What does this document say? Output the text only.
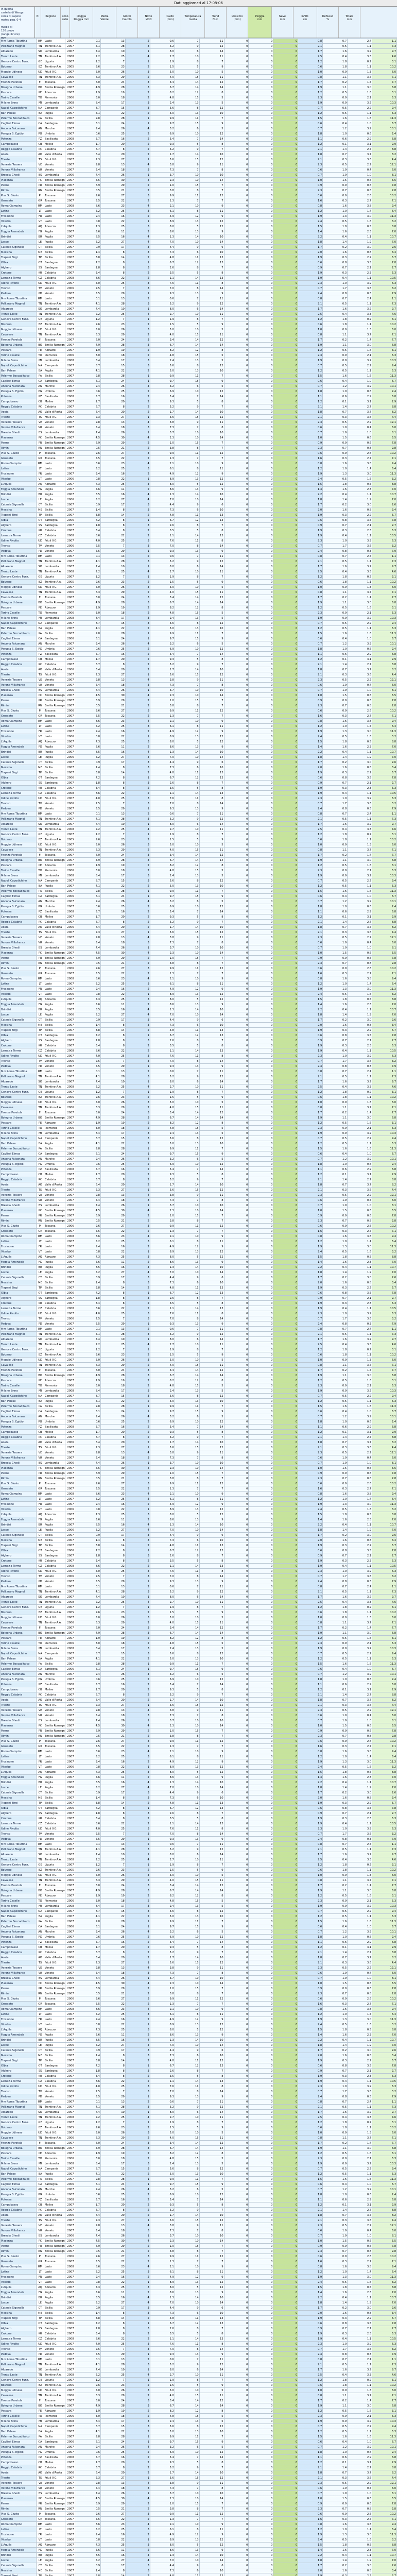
Dati aggiornati al 17-08-06
in questa
cartella di Wenga
cerca di sapere
meteo pag. 0-4

medie di
150 prove
(range 37 ore)
mm
N.	Regione	anno
sulle
Pioggia
Pioggia mm
Media
Valore
Giorni
Calcolo
Notte
MOD
Caldo
(mm)
Temperatura
media
Trend
Nuv.
Massimo
(mm)
Pioggia
mm
Neve
mm
Infiltr.
cm
Deflusso
%
Totale
mm
Mm Roma Tiburtina	RM	Lazio	2007	0.1	13	2	0.6	7	11	0	0	0	0.8	0.7	2.4	1.1
Pellizzano Magnoli	TN	Trentino A.A.	2007	4.1	28	3	5.2	9	12	0	0	0	2.1	0.5	1.1	7.3
Albaredo	SO	Lombardia	2007	7.4	10	1	8.0	6	14	0	0	0	1.7	1.6	3.2	9.7
Trento Laste	TN	Trentino A.A.	2008	2.2	25	4	2.7	10	11	0	0	0	2.5	0.4	3.3	4.6
Genova Centro Funz.	GE	Liguria	2007	1.2	7	1	1.9	8	7	0	0	0	1.2	1.8	0.2	3.1
Bolzano	BZ	Trentino A.A.	2005	9.6	23	2	1.5	5	9	0	0	0	0.6	1.8	1.1	10.2
Moggio Udinese	UD	Friuli V.G.	2007	5.0	26	3	5.0	10	5	0	0	0	1.0	0.9	1.3	6.0
Cavalese	TN	Trentino A.A.	2006	6.3	29	2	4.0	15	11	0	0	0	0.8	1.1	3.7	7.1
Firenze Peretola	FI	Toscana	2007	6.0	24	3	3.4	14	12	0	0	0	1.7	0.2	1.4	7.7
Bologna Urbana	BO	Emilia Romagna	2007	4.9	28	3	6.7	14	14	0	0	0	1.9	1.1	3.0	6.8
Pescara	PE	Abruzzo	2007	1.9	19	2	8.2	12	8	0	0	0	1.2	0.5	1.6	3.1
Torino Caselle	TO	Piemonte	2006	3.0	18	2	4.8	15	5	0	0	0	2.3	0.9	2.1	5.3
Milano Brera	MI	Lombardia	2008	8.4	17	3	2.4	13	5	0	0	0	1.9	0.9	3.2	10.3
Napoli Capodichino	NA	Campania	2007	8.7	15	3	5.6	8	12	0	0	0	0.7	0.5	2.2	9.4
Bari Palese	BA	Puglia	2007	4.1	22	2	5.0	13	10	0	0	0	1.2	0.5	1.1	5.3
Palermo Boccadifalco	PA	Sicilia	2007	9.8	28	1	9.9	11	7	0	0	0	1.5	1.6	1.6	11.3
Cagliari Elmas	CA	Sardegna	2006	6.1	24	1	9.7	15	9	0	0	0	0.6	0.4	1.0	6.7
Ancona Falconara	AN	Marche	2007	9.4	26	4	3.2	6	5	0	0	0	0.7	1.2	3.9	10.1
Perugia S. Egidio	PG	Umbria	2007	0.6	25	2	6.9	10	12	0	0	0	1.8	1.0	0.6	2.4
Potenza	PZ	Basilicata	2008	5.7	16	2	5.4	7	14	0	0	0	1.1	0.6	2.9	6.8
Campobasso	CB	Molise	2007	1.7	20	2	9.3	5	8	0	0	0	1.2	0.1	3.1	2.9
Reggio Calabria	RC	Calabria	2007	6.7	8	2	5.2	9	7	0	0	0	2.1	1.4	2.7	8.8
Aosta	AO	Valle d'Aosta	2006	6.4	20	2	1.7	14	10	0	0	0	1.8	0.7	3.7	8.2
Trieste	TS	Friuli V.G.	2007	2.3	27	1	5.6	15	12	0	0	0	2.1	0.3	3.6	4.4
Venezia Tessera	VE	Veneto	2007	9.8	13	4	3.8	9	11	0	0	0	2.3	0.5	2.2	12.1
Verona Villafranca	VR	Veneto	2007	5.4	18	3	7.3	7	8	0	0	0	0.6	1.9	0.4	6.0
Brescia Ghedi	BS	Lombardia	2006	7.4	26	1	3.7	10	10	0	0	0	0.7	1.9	1.0	8.1
Piacenza	PC	Emilia Romagna	2007	4.5	30	4	2.3	10	14	0	0	0	1.0	1.5	0.6	5.5
Parma	PR	Emilia Romagna	2007	6.9	29	2	1.0	15	7	0	0	0	0.9	0.9	0.6	7.8
Rimini	RN	Emilia Romagna	2007	0.5	21	2	3.8	8	7	0	0	0	2.3	0.7	0.8	2.8
Pisa S. Giusto	PI	Toscana	2006	9.6	27	3	9.9	11	12	0	0	0	0.6	0.9	2.6	10.2
Grosseto	GR	Toscana	2007	5.5	22	2	1.3	7	7	0	0	0	1.6	0.3	2.7	7.1
Roma Ciampino	RM	Lazio	2008	8.6	23	4	2.1	10	9	0	0	0	0.8	1.6	3.8	9.4
Latina	LT	Lazio	2007	5.2	25	3	6.1	8	11	0	0	0	1.2	1.0	1.4	6.4
Frosinone	FR	Lazio	2007	9.4	16	2	4.9	12	9	0	0	0	1.9	1.3	3.0	11.3
Viterbo	VT	Lazio	2006	0.8	22	1	8.9	13	12	0	0	0	2.4	0.5	1.6	3.2
L'Aquila	AQ	Abruzzo	2007	7.3	25	3	8.0	5	12	0	0	0	1.5	1.8	0.5	8.8
Foggia Amendola	FG	Puglia	2007	5.6	11	2	8.6	13	9	0	0	0	1.4	1.6	2.3	7.0
Brindisi	BR	Puglia	2007	8.5	16	4	1.3	14	10	0	0	0	2.2	0.4	1.1	10.7
Lecce	LE	Puglia	2006	5.2	27	4	7.0	10	14	0	0	0	1.8	1.4	1.9	7.0
Catania Sigonella	CT	Sicilia	2007	0.9	17	3	4.4	9	6	0	0	0	1.7	0.2	3.0	2.6
Messina	ME	Sicilia	2007	1.4	8	3	7.3	6	10	0	0	0	2.0	1.6	0.8	3.4
Trapani Birgi	TP	Sicilia	2007	3.8	14	2	4.8	11	13	0	0	0	1.9	0.3	2.2	5.7
Olbia	OT	Sardegna	2006	7.2	8	1	6.7	12	13	0	0	0	0.6	0.8	3.5	7.8
Alghero	SS	Sardegna	2007	1.8	8	3	2.6	8	7	0	0	0	0.9	0.7	2.1	2.7
Crotone	KR	Calabria	2007	3.4	8	2	3.5	5	8	0	0	0	1.9	0.3	2.3	5.3
Lamezia Terme	CZ	Calabria	2008	8.6	22	2	1.1	14	13	0	0	0	1.9	0.4	1.1	10.5
Udine Rivolto	UD	Friuli V.G.	2007	4.0	25	3	7.6	11	8	0	0	0	2.3	1.0	3.9	6.3
Treviso	TV	Veneto	2006	2.5	7	3	7.0	8	14	0	0	0	0.7	1.7	3.6	3.2
Padova	PD	Veneto	2007	5.5	29	1	9.3	13	9	0	0	0	2.4	0.8	0.3	7.9
Mm Roma Tiburtina	RM	Lazio	2007	0.1	13	2	0.6	7	11	0	0	0	0.8	0.7	2.4	1.1
Pellizzano Magnoli	TN	Trentino A.A.	2007	4.1	28	3	5.2	9	12	0	0	0	2.1	0.5	1.1	7.3
Albaredo	SO	Lombardia	2007	7.4	10	1	8.0	6	14	0	0	0	1.7	1.6	3.2	9.7
Trento Laste	TN	Trentino A.A.	2008	2.2	25	4	2.7	10	11	0	0	0	2.5	0.4	3.3	4.6
Genova Centro Funz.	GE	Liguria	2007	1.2	7	1	1.9	8	7	0	0	0	1.2	1.8	0.2	3.1
Bolzano	BZ	Trentino A.A.	2005	9.6	23	2	1.5	5	9	0	0	0	0.6	1.8	1.1	10.2
Moggio Udinese	UD	Friuli V.G.	2007	5.0	26	3	5.0	10	5	0	0	0	1.0	0.9	1.3	6.0
Cavalese	TN	Trentino A.A.	2006	6.3	29	2	4.0	15	11	0	0	0	0.8	1.1	3.7	7.1
Firenze Peretola	FI	Toscana	2007	6.0	24	3	3.4	14	12	0	0	0	1.7	0.2	1.4	7.7
Bologna Urbana	BO	Emilia Romagna	2007	4.9	28	3	6.7	14	14	0	0	0	1.9	1.1	3.0	6.8
Pescara	PE	Abruzzo	2007	1.9	19	2	8.2	12	8	0	0	0	1.2	0.5	1.6	3.1
Torino Caselle	TO	Piemonte	2006	3.0	18	2	4.8	15	5	0	0	0	2.3	0.9	2.1	5.3
Milano Brera	MI	Lombardia	2008	8.4	17	3	2.4	13	5	0	0	0	1.9	0.9	3.2	10.3
Napoli Capodichino	NA	Campania	2007	8.7	15	3	5.6	8	12	0	0	0	0.7	0.5	2.2	9.4
Bari Palese	BA	Puglia	2007	4.1	22	2	5.0	13	10	0	0	0	1.2	0.5	1.1	5.3
Palermo Boccadifalco	PA	Sicilia	2007	9.8	28	1	9.9	11	7	0	0	0	1.5	1.6	1.6	11.3
Cagliari Elmas	CA	Sardegna	2006	6.1	24	1	9.7	15	9	0	0	0	0.6	0.4	1.0	6.7
Ancona Falconara	AN	Marche	2007	9.4	26	4	3.2	6	5	0	0	0	0.7	1.2	3.9	10.1
Perugia S. Egidio	PG	Umbria	2007	0.6	25	2	6.9	10	12	0	0	0	1.8	1.0	0.6	2.4
Potenza	PZ	Basilicata	2008	5.7	16	2	5.4	7	14	0	0	0	1.1	0.6	2.9	6.8
Campobasso	CB	Molise	2007	1.7	20	2	9.3	5	8	0	0	0	1.2	0.1	3.1	2.9
Reggio Calabria	RC	Calabria	2007	6.7	8	2	5.2	9	7	0	0	0	2.1	1.4	2.7	8.8
Aosta	AO	Valle d'Aosta	2006	6.4	20	2	1.7	14	10	0	0	0	1.8	0.7	3.7	8.2
Trieste	TS	Friuli V.G.	2007	2.3	27	1	5.6	15	12	0	0	0	2.1	0.3	3.6	4.4
Venezia Tessera	VE	Veneto	2007	9.8	13	4	3.8	9	11	0	0	0	2.3	0.5	2.2	12.1
Verona Villafranca	VR	Veneto	2007	5.4	18	3	7.3	7	8	0	0	0	0.6	1.9	0.4	6.0
Brescia Ghedi	BS	Lombardia	2006	7.4	26	1	3.7	10	10	0	0	0	0.7	1.9	1.0	8.1
Piacenza	PC	Emilia Romagna	2007	4.5	30	4	2.3	10	14	0	0	0	1.0	1.5	0.6	5.5
Parma	PR	Emilia Romagna	2007	6.9	29	2	1.0	15	7	0	0	0	0.9	0.9	0.6	7.8
Rimini	RN	Emilia Romagna	2007	0.5	21	2	3.8	8	7	0	0	0	2.3	0.7	0.8	2.8
Pisa S. Giusto	PI	Toscana	2006	9.6	27	3	9.9	11	12	0	0	0	0.6	0.9	2.6	10.2
Grosseto	GR	Toscana	2007	5.5	22	2	1.3	7	7	0	0	0	1.6	0.3	2.7	7.1
Roma Ciampino	RM	Lazio	2008	8.6	23	4	2.1	10	9	0	0	0	0.8	1.6	3.8	9.4
Latina	LT	Lazio	2007	5.2	25	3	6.1	8	11	0	0	0	1.2	1.0	1.4	6.4
Frosinone	FR	Lazio	2007	9.4	16	2	4.9	12	9	0	0	0	1.9	1.3	3.0	11.3
Viterbo	VT	Lazio	2006	0.8	22	1	8.9	13	12	0	0	0	2.4	0.5	1.6	3.2
L'Aquila	AQ	Abruzzo	2007	7.3	25	3	8.0	5	12	0	0	0	1.5	1.8	0.5	8.8
Foggia Amendola	FG	Puglia	2007	5.6	11	2	8.6	13	9	0	0	0	1.4	1.6	2.3	7.0
Brindisi	BR	Puglia	2007	8.5	16	4	1.3	14	10	0	0	0	2.2	0.4	1.1	10.7
Lecce	LE	Puglia	2006	5.2	27	4	7.0	10	14	0	0	0	1.8	1.4	1.9	7.0
Catania Sigonella	CT	Sicilia	2007	0.9	17	3	4.4	9	6	0	0	0	1.7	0.2	3.0	2.6
Messina	ME	Sicilia	2007	1.4	8	3	7.3	6	10	0	0	0	2.0	1.6	0.8	3.4
Trapani Birgi	TP	Sicilia	2007	3.8	14	2	4.8	11	13	0	0	0	1.9	0.3	2.2	5.7
Olbia	OT	Sardegna	2006	7.2	8	1	6.7	12	13	0	0	0	0.6	0.8	3.5	7.8
Alghero	SS	Sardegna	2007	1.8	8	3	2.6	8	7	0	0	0	0.9	0.7	2.1	2.7
Crotone	KR	Calabria	2007	3.4	8	2	3.5	5	8	0	0	0	1.9	0.3	2.3	5.3
Lamezia Terme	CZ	Calabria	2008	8.6	22	2	1.1	14	13	0	0	0	1.9	0.4	1.1	10.5
Udine Rivolto	UD	Friuli V.G.	2007	4.0	25	3	7.6	11	8	0	0	0	2.3	1.0	3.9	6.3
Treviso	TV	Veneto	2006	2.5	7	3	7.0	8	14	0	0	0	0.7	1.7	3.6	3.2
Padova	PD	Veneto	2007	5.5	29	1	9.3	13	9	0	0	0	2.4	0.8	0.3	7.9
Mm Roma Tiburtina	RM	Lazio	2007	0.1	13	2	0.6	7	11	0	0	0	0.8	0.7	2.4	1.1
Pellizzano Magnoli	TN	Trentino A.A.	2007	4.1	28	3	5.2	9	12	0	0	0	2.1	0.5	1.1	7.3
Albaredo	SO	Lombardia	2007	7.4	10	1	8.0	6	14	0	0	0	1.7	1.6	3.2	9.7
Trento Laste	TN	Trentino A.A.	2008	2.2	25	4	2.7	10	11	0	0	0	2.5	0.4	3.3	4.6
Genova Centro Funz.	GE	Liguria	2007	1.2	7	1	1.9	8	7	0	0	0	1.2	1.8	0.2	3.1
Bolzano	BZ	Trentino A.A.	2005	9.6	23	2	1.5	5	9	0	0	0	0.6	1.8	1.1	10.2
Moggio Udinese	UD	Friuli V.G.	2007	5.0	26	3	5.0	10	5	0	0	0	1.0	0.9	1.3	6.0
Cavalese	TN	Trentino A.A.	2006	6.3	29	2	4.0	15	11	0	0	0	0.8	1.1	3.7	7.1
Firenze Peretola	FI	Toscana	2007	6.0	24	3	3.4	14	12	0	0	0	1.7	0.2	1.4	7.7
Bologna Urbana	BO	Emilia Romagna	2007	4.9	28	3	6.7	14	14	0	0	0	1.9	1.1	3.0	6.8
Pescara	PE	Abruzzo	2007	1.9	19	2	8.2	12	8	0	0	0	1.2	0.5	1.6	3.1
Torino Caselle	TO	Piemonte	2006	3.0	18	2	4.8	15	5	0	0	0	2.3	0.9	2.1	5.3
Milano Brera	MI	Lombardia	2008	8.4	17	3	2.4	13	5	0	0	0	1.9	0.9	3.2	10.3
Napoli Capodichino	NA	Campania	2007	8.7	15	3	5.6	8	12	0	0	0	0.7	0.5	2.2	9.4
Bari Palese	BA	Puglia	2007	4.1	22	2	5.0	13	10	0	0	0	1.2	0.5	1.1	5.3
Palermo Boccadifalco	PA	Sicilia	2007	9.8	28	1	9.9	11	7	0	0	0	1.5	1.6	1.6	11.3
Cagliari Elmas	CA	Sardegna	2006	6.1	24	1	9.7	15	9	0	0	0	0.6	0.4	1.0	6.7
Ancona Falconara	AN	Marche	2007	9.4	26	4	3.2	6	5	0	0	0	0.7	1.2	3.9	10.1
Perugia S. Egidio	PG	Umbria	2007	0.6	25	2	6.9	10	12	0	0	0	1.8	1.0	0.6	2.4
Potenza	PZ	Basilicata	2008	5.7	16	2	5.4	7	14	0	0	0	1.1	0.6	2.9	6.8
Campobasso	CB	Molise	2007	1.7	20	2	9.3	5	8	0	0	0	1.2	0.1	3.1	2.9
Reggio Calabria	RC	Calabria	2007	6.7	8	2	5.2	9	7	0	0	0	2.1	1.4	2.7	8.8
Aosta	AO	Valle d'Aosta	2006	6.4	20	2	1.7	14	10	0	0	0	1.8	0.7	3.7	8.2
Trieste	TS	Friuli V.G.	2007	2.3	27	1	5.6	15	12	0	0	0	2.1	0.3	3.6	4.4
Venezia Tessera	VE	Veneto	2007	9.8	13	4	3.8	9	11	0	0	0	2.3	0.5	2.2	12.1
Verona Villafranca	VR	Veneto	2007	5.4	18	3	7.3	7	8	0	0	0	0.6	1.9	0.4	6.0
Brescia Ghedi	BS	Lombardia	2006	7.4	26	1	3.7	10	10	0	0	0	0.7	1.9	1.0	8.1
Piacenza	PC	Emilia Romagna	2007	4.5	30	4	2.3	10	14	0	0	0	1.0	1.5	0.6	5.5
Parma	PR	Emilia Romagna	2007	6.9	29	2	1.0	15	7	0	0	0	0.9	0.9	0.6	7.8
Rimini	RN	Emilia Romagna	2007	0.5	21	2	3.8	8	7	0	0	0	2.3	0.7	0.8	2.8
Pisa S. Giusto	PI	Toscana	2006	9.6	27	3	9.9	11	12	0	0	0	0.6	0.9	2.6	10.2
Grosseto	GR	Toscana	2007	5.5	22	2	1.3	7	7	0	0	0	1.6	0.3	2.7	7.1
Roma Ciampino	RM	Lazio	2008	8.6	23	4	2.1	10	9	0	0	0	0.8	1.6	3.8	9.4
Latina	LT	Lazio	2007	5.2	25	3	6.1	8	11	0	0	0	1.2	1.0	1.4	6.4
Frosinone	FR	Lazio	2007	9.4	16	2	4.9	12	9	0	0	0	1.9	1.3	3.0	11.3
Viterbo	VT	Lazio	2006	0.8	22	1	8.9	13	12	0	0	0	2.4	0.5	1.6	3.2
L'Aquila	AQ	Abruzzo	2007	7.3	25	3	8.0	5	12	0	0	0	1.5	1.8	0.5	8.8
Foggia Amendola	FG	Puglia	2007	5.6	11	2	8.6	13	9	0	0	0	1.4	1.6	2.3	7.0
Brindisi	BR	Puglia	2007	8.5	16	4	1.3	14	10	0	0	0	2.2	0.4	1.1	10.7
Lecce	LE	Puglia	2006	5.2	27	4	7.0	10	14	0	0	0	1.8	1.4	1.9	7.0
Catania Sigonella	CT	Sicilia	2007	0.9	17	3	4.4	9	6	0	0	0	1.7	0.2	3.0	2.6
Messina	ME	Sicilia	2007	1.4	8	3	7.3	6	10	0	0	0	2.0	1.6	0.8	3.4
Trapani Birgi	TP	Sicilia	2007	3.8	14	2	4.8	11	13	0	0	0	1.9	0.3	2.2	5.7
Olbia	OT	Sardegna	2006	7.2	8	1	6.7	12	13	0	0	0	0.6	0.8	3.5	7.8
Alghero	SS	Sardegna	2007	1.8	8	3	2.6	8	7	0	0	0	0.9	0.7	2.1	2.7
Crotone	KR	Calabria	2007	3.4	8	2	3.5	5	8	0	0	0	1.9	0.3	2.3	5.3
Lamezia Terme	CZ	Calabria	2008	8.6	22	2	1.1	14	13	0	0	0	1.9	0.4	1.1	10.5
Udine Rivolto	UD	Friuli V.G.	2007	4.0	25	3	7.6	11	8	0	0	0	2.3	1.0	3.9	6.3
Treviso	TV	Veneto	2006	2.5	7	3	7.0	8	14	0	0	0	0.7	1.7	3.6	3.2
Padova	PD	Veneto	2007	5.5	29	1	9.3	13	9	0	0	0	2.4	0.8	0.3	7.9
Mm Roma Tiburtina	RM	Lazio	2007	0.1	13	2	0.6	7	11	0	0	0	0.8	0.7	2.4	1.1
Pellizzano Magnoli	TN	Trentino A.A.	2007	4.1	28	3	5.2	9	12	0	0	0	2.1	0.5	1.1	7.3
Albaredo	SO	Lombardia	2007	7.4	10	1	8.0	6	14	0	0	0	1.7	1.6	3.2	9.7
Trento Laste	TN	Trentino A.A.	2008	2.2	25	4	2.7	10	11	0	0	0	2.5	0.4	3.3	4.6
Genova Centro Funz.	GE	Liguria	2007	1.2	7	1	1.9	8	7	0	0	0	1.2	1.8	0.2	3.1
Bolzano	BZ	Trentino A.A.	2005	9.6	23	2	1.5	5	9	0	0	0	0.6	1.8	1.1	10.2
Moggio Udinese	UD	Friuli V.G.	2007	5.0	26	3	5.0	10	5	0	0	0	1.0	0.9	1.3	6.0
Cavalese	TN	Trentino A.A.	2006	6.3	29	2	4.0	15	11	0	0	0	0.8	1.1	3.7	7.1
Firenze Peretola	FI	Toscana	2007	6.0	24	3	3.4	14	12	0	0	0	1.7	0.2	1.4	7.7
Bologna Urbana	BO	Emilia Romagna	2007	4.9	28	3	6.7	14	14	0	0	0	1.9	1.1	3.0	6.8
Pescara	PE	Abruzzo	2007	1.9	19	2	8.2	12	8	0	0	0	1.2	0.5	1.6	3.1
Torino Caselle	TO	Piemonte	2006	3.0	18	2	4.8	15	5	0	0	0	2.3	0.9	2.1	5.3
Milano Brera	MI	Lombardia	2008	8.4	17	3	2.4	13	5	0	0	0	1.9	0.9	3.2	10.3
Napoli Capodichino	NA	Campania	2007	8.7	15	3	5.6	8	12	0	0	0	0.7	0.5	2.2	9.4
Bari Palese	BA	Puglia	2007	4.1	22	2	5.0	13	10	0	0	0	1.2	0.5	1.1	5.3
Palermo Boccadifalco	PA	Sicilia	2007	9.8	28	1	9.9	11	7	0	0	0	1.5	1.6	1.6	11.3
Cagliari Elmas	CA	Sardegna	2006	6.1	24	1	9.7	15	9	0	0	0	0.6	0.4	1.0	6.7
Ancona Falconara	AN	Marche	2007	9.4	26	4	3.2	6	5	0	0	0	0.7	1.2	3.9	10.1
Perugia S. Egidio	PG	Umbria	2007	0.6	25	2	6.9	10	12	0	0	0	1.8	1.0	0.6	2.4
Potenza	PZ	Basilicata	2008	5.7	16	2	5.4	7	14	0	0	0	1.1	0.6	2.9	6.8
Campobasso	CB	Molise	2007	1.7	20	2	9.3	5	8	0	0	0	1.2	0.1	3.1	2.9
Reggio Calabria	RC	Calabria	2007	6.7	8	2	5.2	9	7	0	0	0	2.1	1.4	2.7	8.8
Aosta	AO	Valle d'Aosta	2006	6.4	20	2	1.7	14	10	0	0	0	1.8	0.7	3.7	8.2
Trieste	TS	Friuli V.G.	2007	2.3	27	1	5.6	15	12	0	0	0	2.1	0.3	3.6	4.4
Venezia Tessera	VE	Veneto	2007	9.8	13	4	3.8	9	11	0	0	0	2.3	0.5	2.2	12.1
Verona Villafranca	VR	Veneto	2007	5.4	18	3	7.3	7	8	0	0	0	0.6	1.9	0.4	6.0
Brescia Ghedi	BS	Lombardia	2006	7.4	26	1	3.7	10	10	0	0	0	0.7	1.9	1.0	8.1
Piacenza	PC	Emilia Romagna	2007	4.5	30	4	2.3	10	14	0	0	0	1.0	1.5	0.6	5.5
Parma	PR	Emilia Romagna	2007	6.9	29	2	1.0	15	7	0	0	0	0.9	0.9	0.6	7.8
Rimini	RN	Emilia Romagna	2007	0.5	21	2	3.8	8	7	0	0	0	2.3	0.7	0.8	2.8
Pisa S. Giusto	PI	Toscana	2006	9.6	27	3	9.9	11	12	0	0	0	0.6	0.9	2.6	10.2
Grosseto	GR	Toscana	2007	5.5	22	2	1.3	7	7	0	0	0	1.6	0.3	2.7	7.1
Roma Ciampino	RM	Lazio	2008	8.6	23	4	2.1	10	9	0	0	0	0.8	1.6	3.8	9.4
Latina	LT	Lazio	2007	5.2	25	3	6.1	8	11	0	0	0	1.2	1.0	1.4	6.4
Frosinone	FR	Lazio	2007	9.4	16	2	4.9	12	9	0	0	0	1.9	1.3	3.0	11.3
Viterbo	VT	Lazio	2006	0.8	22	1	8.9	13	12	0	0	0	2.4	0.5	1.6	3.2
L'Aquila	AQ	Abruzzo	2007	7.3	25	3	8.0	5	12	0	0	0	1.5	1.8	0.5	8.8
Foggia Amendola	FG	Puglia	2007	5.6	11	2	8.6	13	9	0	0	0	1.4	1.6	2.3	7.0
Brindisi	BR	Puglia	2007	8.5	16	4	1.3	14	10	0	0	0	2.2	0.4	1.1	10.7
Lecce	LE	Puglia	2006	5.2	27	4	7.0	10	14	0	0	0	1.8	1.4	1.9	7.0
Catania Sigonella	CT	Sicilia	2007	0.9	17	3	4.4	9	6	0	0	0	1.7	0.2	3.0	2.6
Messina	ME	Sicilia	2007	1.4	8	3	7.3	6	10	0	0	0	2.0	1.6	0.8	3.4
Trapani Birgi	TP	Sicilia	2007	3.8	14	2	4.8	11	13	0	0	0	1.9	0.3	2.2	5.7
Olbia	OT	Sardegna	2006	7.2	8	1	6.7	12	13	0	0	0	0.6	0.8	3.5	7.8
Alghero	SS	Sardegna	2007	1.8	8	3	2.6	8	7	0	0	0	0.9	0.7	2.1	2.7
Crotone	KR	Calabria	2007	3.4	8	2	3.5	5	8	0	0	0	1.9	0.3	2.3	5.3
Lamezia Terme	CZ	Calabria	2008	8.6	22	2	1.1	14	13	0	0	0	1.9	0.4	1.1	10.5
Udine Rivolto	UD	Friuli V.G.	2007	4.0	25	3	7.6	11	8	0	0	0	2.3	1.0	3.9	6.3
Treviso	TV	Veneto	2006	2.5	7	3	7.0	8	14	0	0	0	0.7	1.7	3.6	3.2
Padova	PD	Veneto	2007	5.5	29	1	9.3	13	9	0	0	0	2.4	0.8	0.3	7.9
Mm Roma Tiburtina	RM	Lazio	2007	0.1	13	2	0.6	7	11	0	0	0	0.8	0.7	2.4	1.1
Pellizzano Magnoli	TN	Trentino A.A.	2007	4.1	28	3	5.2	9	12	0	0	0	2.1	0.5	1.1	7.3
Albaredo	SO	Lombardia	2007	7.4	10	1	8.0	6	14	0	0	0	1.7	1.6	3.2	9.7
Trento Laste	TN	Trentino A.A.	2008	2.2	25	4	2.7	10	11	0	0	0	2.5	0.4	3.3	4.6
Genova Centro Funz.	GE	Liguria	2007	1.2	7	1	1.9	8	7	0	0	0	1.2	1.8	0.2	3.1
Bolzano	BZ	Trentino A.A.	2005	9.6	23	2	1.5	5	9	0	0	0	0.6	1.8	1.1	10.2
Moggio Udinese	UD	Friuli V.G.	2007	5.0	26	3	5.0	10	5	0	0	0	1.0	0.9	1.3	6.0
Cavalese	TN	Trentino A.A.	2006	6.3	29	2	4.0	15	11	0	0	0	0.8	1.1	3.7	7.1
Firenze Peretola	FI	Toscana	2007	6.0	24	3	3.4	14	12	0	0	0	1.7	0.2	1.4	7.7
Bologna Urbana	BO	Emilia Romagna	2007	4.9	28	3	6.7	14	14	0	0	0	1.9	1.1	3.0	6.8
Pescara	PE	Abruzzo	2007	1.9	19	2	8.2	12	8	0	0	0	1.2	0.5	1.6	3.1
Torino Caselle	TO	Piemonte	2006	3.0	18	2	4.8	15	5	0	0	0	2.3	0.9	2.1	5.3
Milano Brera	MI	Lombardia	2008	8.4	17	3	2.4	13	5	0	0	0	1.9	0.9	3.2	10.3
Napoli Capodichino	NA	Campania	2007	8.7	15	3	5.6	8	12	0	0	0	0.7	0.5	2.2	9.4
Bari Palese	BA	Puglia	2007	4.1	22	2	5.0	13	10	0	0	0	1.2	0.5	1.1	5.3
Palermo Boccadifalco	PA	Sicilia	2007	9.8	28	1	9.9	11	7	0	0	0	1.5	1.6	1.6	11.3
Cagliari Elmas	CA	Sardegna	2006	6.1	24	1	9.7	15	9	0	0	0	0.6	0.4	1.0	6.7
Ancona Falconara	AN	Marche	2007	9.4	26	4	3.2	6	5	0	0	0	0.7	1.2	3.9	10.1
Perugia S. Egidio	PG	Umbria	2007	0.6	25	2	6.9	10	12	0	0	0	1.8	1.0	0.6	2.4
Potenza	PZ	Basilicata	2008	5.7	16	2	5.4	7	14	0	0	0	1.1	0.6	2.9	6.8
Campobasso	CB	Molise	2007	1.7	20	2	9.3	5	8	0	0	0	1.2	0.1	3.1	2.9
Reggio Calabria	RC	Calabria	2007	6.7	8	2	5.2	9	7	0	0	0	2.1	1.4	2.7	8.8
Aosta	AO	Valle d'Aosta	2006	6.4	20	2	1.7	14	10	0	0	0	1.8	0.7	3.7	8.2
Trieste	TS	Friuli V.G.	2007	2.3	27	1	5.6	15	12	0	0	0	2.1	0.3	3.6	4.4
Venezia Tessera	VE	Veneto	2007	9.8	13	4	3.8	9	11	0	0	0	2.3	0.5	2.2	12.1
Verona Villafranca	VR	Veneto	2007	5.4	18	3	7.3	7	8	0	0	0	0.6	1.9	0.4	6.0
Brescia Ghedi	BS	Lombardia	2006	7.4	26	1	3.7	10	10	0	0	0	0.7	1.9	1.0	8.1
Piacenza	PC	Emilia Romagna	2007	4.5	30	4	2.3	10	14	0	0	0	1.0	1.5	0.6	5.5
Parma	PR	Emilia Romagna	2007	6.9	29	2	1.0	15	7	0	0	0	0.9	0.9	0.6	7.8
Rimini	RN	Emilia Romagna	2007	0.5	21	2	3.8	8	7	0	0	0	2.3	0.7	0.8	2.8
Pisa S. Giusto	PI	Toscana	2006	9.6	27	3	9.9	11	12	0	0	0	0.6	0.9	2.6	10.2
Grosseto	GR	Toscana	2007	5.5	22	2	1.3	7	7	0	0	0	1.6	0.3	2.7	7.1
Roma Ciampino	RM	Lazio	2008	8.6	23	4	2.1	10	9	0	0	0	0.8	1.6	3.8	9.4
Latina	LT	Lazio	2007	5.2	25	3	6.1	8	11	0	0	0	1.2	1.0	1.4	6.4
Frosinone	FR	Lazio	2007	9.4	16	2	4.9	12	9	0	0	0	1.9	1.3	3.0	11.3
Viterbo	VT	Lazio	2006	0.8	22	1	8.9	13	12	0	0	0	2.4	0.5	1.6	3.2
L'Aquila	AQ	Abruzzo	2007	7.3	25	3	8.0	5	12	0	0	0	1.5	1.8	0.5	8.8
Foggia Amendola	FG	Puglia	2007	5.6	11	2	8.6	13	9	0	0	0	1.4	1.6	2.3	7.0
Brindisi	BR	Puglia	2007	8.5	16	4	1.3	14	10	0	0	0	2.2	0.4	1.1	10.7
Lecce	LE	Puglia	2006	5.2	27	4	7.0	10	14	0	0	0	1.8	1.4	1.9	7.0
Catania Sigonella	CT	Sicilia	2007	0.9	17	3	4.4	9	6	0	0	0	1.7	0.2	3.0	2.6
Messina	ME	Sicilia	2007	1.4	8	3	7.3	6	10	0	0	0	2.0	1.6	0.8	3.4
Trapani Birgi	TP	Sicilia	2007	3.8	14	2	4.8	11	13	0	0	0	1.9	0.3	2.2	5.7
Olbia	OT	Sardegna	2006	7.2	8	1	6.7	12	13	0	0	0	0.6	0.8	3.5	7.8
Alghero	SS	Sardegna	2007	1.8	8	3	2.6	8	7	0	0	0	0.9	0.7	2.1	2.7
Crotone	KR	Calabria	2007	3.4	8	2	3.5	5	8	0	0	0	1.9	0.3	2.3	5.3
Lamezia Terme	CZ	Calabria	2008	8.6	22	2	1.1	14	13	0	0	0	1.9	0.4	1.1	10.5
Udine Rivolto	UD	Friuli V.G.	2007	4.0	25	3	7.6	11	8	0	0	0	2.3	1.0	3.9	6.3
Treviso	TV	Veneto	2006	2.5	7	3	7.0	8	14	0	0	0	0.7	1.7	3.6	3.2
Padova	PD	Veneto	2007	5.5	29	1	9.3	13	9	0	0	0	2.4	0.8	0.3	7.9
Mm Roma Tiburtina	RM	Lazio	2007	0.1	13	2	0.6	7	11	0	0	0	0.8	0.7	2.4	1.1
Pellizzano Magnoli	TN	Trentino A.A.	2007	4.1	28	3	5.2	9	12	0	0	0	2.1	0.5	1.1	7.3
Albaredo	SO	Lombardia	2007	7.4	10	1	8.0	6	14	0	0	0	1.7	1.6	3.2	9.7
Trento Laste	TN	Trentino A.A.	2008	2.2	25	4	2.7	10	11	0	0	0	2.5	0.4	3.3	4.6
Genova Centro Funz.	GE	Liguria	2007	1.2	7	1	1.9	8	7	0	0	0	1.2	1.8	0.2	3.1
Bolzano	BZ	Trentino A.A.	2005	9.6	23	2	1.5	5	9	0	0	0	0.6	1.8	1.1	10.2
Moggio Udinese	UD	Friuli V.G.	2007	5.0	26	3	5.0	10	5	0	0	0	1.0	0.9	1.3	6.0
Cavalese	TN	Trentino A.A.	2006	6.3	29	2	4.0	15	11	0	0	0	0.8	1.1	3.7	7.1
Firenze Peretola	FI	Toscana	2007	6.0	24	3	3.4	14	12	0	0	0	1.7	0.2	1.4	7.7
Bologna Urbana	BO	Emilia Romagna	2007	4.9	28	3	6.7	14	14	0	0	0	1.9	1.1	3.0	6.8
Pescara	PE	Abruzzo	2007	1.9	19	2	8.2	12	8	0	0	0	1.2	0.5	1.6	3.1
Torino Caselle	TO	Piemonte	2006	3.0	18	2	4.8	15	5	0	0	0	2.3	0.9	2.1	5.3
Milano Brera	MI	Lombardia	2008	8.4	17	3	2.4	13	5	0	0	0	1.9	0.9	3.2	10.3
Napoli Capodichino	NA	Campania	2007	8.7	15	3	5.6	8	12	0	0	0	0.7	0.5	2.2	9.4
Bari Palese	BA	Puglia	2007	4.1	22	2	5.0	13	10	0	0	0	1.2	0.5	1.1	5.3
Palermo Boccadifalco	PA	Sicilia	2007	9.8	28	1	9.9	11	7	0	0	0	1.5	1.6	1.6	11.3
Cagliari Elmas	CA	Sardegna	2006	6.1	24	1	9.7	15	9	0	0	0	0.6	0.4	1.0	6.7
Ancona Falconara	AN	Marche	2007	9.4	26	4	3.2	6	5	0	0	0	0.7	1.2	3.9	10.1
Perugia S. Egidio	PG	Umbria	2007	0.6	25	2	6.9	10	12	0	0	0	1.8	1.0	0.6	2.4
Potenza	PZ	Basilicata	2008	5.7	16	2	5.4	7	14	0	0	0	1.1	0.6	2.9	6.8
Campobasso	CB	Molise	2007	1.7	20	2	9.3	5	8	0	0	0	1.2	0.1	3.1	2.9
Reggio Calabria	RC	Calabria	2007	6.7	8	2	5.2	9	7	0	0	0	2.1	1.4	2.7	8.8
Aosta	AO	Valle d'Aosta	2006	6.4	20	2	1.7	14	10	0	0	0	1.8	0.7	3.7	8.2
Trieste	TS	Friuli V.G.	2007	2.3	27	1	5.6	15	12	0	0	0	2.1	0.3	3.6	4.4
Venezia Tessera	VE	Veneto	2007	9.8	13	4	3.8	9	11	0	0	0	2.3	0.5	2.2	12.1
Verona Villafranca	VR	Veneto	2007	5.4	18	3	7.3	7	8	0	0	0	0.6	1.9	0.4	6.0
Brescia Ghedi	BS	Lombardia	2006	7.4	26	1	3.7	10	10	0	0	0	0.7	1.9	1.0	8.1
Piacenza	PC	Emilia Romagna	2007	4.5	30	4	2.3	10	14	0	0	0	1.0	1.5	0.6	5.5
Parma	PR	Emilia Romagna	2007	6.9	29	2	1.0	15	7	0	0	0	0.9	0.9	0.6	7.8
Rimini	RN	Emilia Romagna	2007	0.5	21	2	3.8	8	7	0	0	0	2.3	0.7	0.8	2.8
Pisa S. Giusto	PI	Toscana	2006	9.6	27	3	9.9	11	12	0	0	0	0.6	0.9	2.6	10.2
Grosseto	GR	Toscana	2007	5.5	22	2	1.3	7	7	0	0	0	1.6	0.3	2.7	7.1
Roma Ciampino	RM	Lazio	2008	8.6	23	4	2.1	10	9	0	0	0	0.8	1.6	3.8	9.4
Latina	LT	Lazio	2007	5.2	25	3	6.1	8	11	0	0	0	1.2	1.0	1.4	6.4
Frosinone	FR	Lazio	2007	9.4	16	2	4.9	12	9	0	0	0	1.9	1.3	3.0	11.3
Viterbo	VT	Lazio	2006	0.8	22	1	8.9	13	12	0	0	0	2.4	0.5	1.6	3.2
L'Aquila	AQ	Abruzzo	2007	7.3	25	3	8.0	5	12	0	0	0	1.5	1.8	0.5	8.8
Foggia Amendola	FG	Puglia	2007	5.6	11	2	8.6	13	9	0	0	0	1.4	1.6	2.3	7.0
Brindisi	BR	Puglia	2007	8.5	16	4	1.3	14	10	0	0	0	2.2	0.4	1.1	10.7
Lecce	LE	Puglia	2006	5.2	27	4	7.0	10	14	0	0	0	1.8	1.4	1.9	7.0
Catania Sigonella	CT	Sicilia	2007	0.9	17	3	4.4	9	6	0	0	0	1.7	0.2	3.0	2.6
Messina	ME	Sicilia	2007	1.4	8	3	7.3	6	10	0	0	0	2.0	1.6	0.8	3.4
Trapani Birgi	TP	Sicilia	2007	3.8	14	2	4.8	11	13	0	0	0	1.9	0.3	2.2	5.7
Olbia	OT	Sardegna	2006	7.2	8	1	6.7	12	13	0	0	0	0.6	0.8	3.5	7.8
Alghero	SS	Sardegna	2007	1.8	8	3	2.6	8	7	0	0	0	0.9	0.7	2.1	2.7
Crotone	KR	Calabria	2007	3.4	8	2	3.5	5	8	0	0	0	1.9	0.3	2.3	5.3
Lamezia Terme	CZ	Calabria	2008	8.6	22	2	1.1	14	13	0	0	0	1.9	0.4	1.1	10.5
Udine Rivolto	UD	Friuli V.G.	2007	4.0	25	3	7.6	11	8	0	0	0	2.3	1.0	3.9	6.3
Treviso	TV	Veneto	2006	2.5	7	3	7.0	8	14	0	0	0	0.7	1.7	3.6	3.2
Padova	PD	Veneto	2007	5.5	29	1	9.3	13	9	0	0	0	2.4	0.8	0.3	7.9
Mm Roma Tiburtina	RM	Lazio	2007	0.1	13	2	0.6	7	11	0	0	0	0.8	0.7	2.4	1.1
Pellizzano Magnoli	TN	Trentino A.A.	2007	4.1	28	3	5.2	9	12	0	0	0	2.1	0.5	1.1	7.3
Albaredo	SO	Lombardia	2007	7.4	10	1	8.0	6	14	0	0	0	1.7	1.6	3.2	9.7
Trento Laste	TN	Trentino A.A.	2008	2.2	25	4	2.7	10	11	0	0	0	2.5	0.4	3.3	4.6
Genova Centro Funz.	GE	Liguria	2007	1.2	7	1	1.9	8	7	0	0	0	1.2	1.8	0.2	3.1
Bolzano	BZ	Trentino A.A.	2005	9.6	23	2	1.5	5	9	0	0	0	0.6	1.8	1.1	10.2
Moggio Udinese	UD	Friuli V.G.	2007	5.0	26	3	5.0	10	5	0	0	0	1.0	0.9	1.3	6.0
Cavalese	TN	Trentino A.A.	2006	6.3	29	2	4.0	15	11	0	0	0	0.8	1.1	3.7	7.1
Firenze Peretola	FI	Toscana	2007	6.0	24	3	3.4	14	12	0	0	0	1.7	0.2	1.4	7.7
Bologna Urbana	BO	Emilia Romagna	2007	4.9	28	3	6.7	14	14	0	0	0	1.9	1.1	3.0	6.8
Pescara	PE	Abruzzo	2007	1.9	19	2	8.2	12	8	0	0	0	1.2	0.5	1.6	3.1
Torino Caselle	TO	Piemonte	2006	3.0	18	2	4.8	15	5	0	0	0	2.3	0.9	2.1	5.3
Milano Brera	MI	Lombardia	2008	8.4	17	3	2.4	13	5	0	0	0	1.9	0.9	3.2	10.3
Napoli Capodichino	NA	Campania	2007	8.7	15	3	5.6	8	12	0	0	0	0.7	0.5	2.2	9.4
Bari Palese	BA	Puglia	2007	4.1	22	2	5.0	13	10	0	0	0	1.2	0.5	1.1	5.3
Palermo Boccadifalco	PA	Sicilia	2007	9.8	28	1	9.9	11	7	0	0	0	1.5	1.6	1.6	11.3
Cagliari Elmas	CA	Sardegna	2006	6.1	24	1	9.7	15	9	0	0	0	0.6	0.4	1.0	6.7
Ancona Falconara	AN	Marche	2007	9.4	26	4	3.2	6	5	0	0	0	0.7	1.2	3.9	10.1
Perugia S. Egidio	PG	Umbria	2007	0.6	25	2	6.9	10	12	0	0	0	1.8	1.0	0.6	2.4
Potenza	PZ	Basilicata	2008	5.7	16	2	5.4	7	14	0	0	0	1.1	0.6	2.9	6.8
Campobasso	CB	Molise	2007	1.7	20	2	9.3	5	8	0	0	0	1.2	0.1	3.1	2.9
Reggio Calabria	RC	Calabria	2007	6.7	8	2	5.2	9	7	0	0	0	2.1	1.4	2.7	8.8
Aosta	AO	Valle d'Aosta	2006	6.4	20	2	1.7	14	10	0	0	0	1.8	0.7	3.7	8.2
Trieste	TS	Friuli V.G.	2007	2.3	27	1	5.6	15	12	0	0	0	2.1	0.3	3.6	4.4
Venezia Tessera	VE	Veneto	2007	9.8	13	4	3.8	9	11	0	0	0	2.3	0.5	2.2	12.1
Verona Villafranca	VR	Veneto	2007	5.4	18	3	7.3	7	8	0	0	0	0.6	1.9	0.4	6.0
Brescia Ghedi	BS	Lombardia	2006	7.4	26	1	3.7	10	10	0	0	0	0.7	1.9	1.0	8.1
Piacenza	PC	Emilia Romagna	2007	4.5	30	4	2.3	10	14	0	0	0	1.0	1.5	0.6	5.5
Parma	PR	Emilia Romagna	2007	6.9	29	2	1.0	15	7	0	0	0	0.9	0.9	0.6	7.8
Rimini	RN	Emilia Romagna	2007	0.5	21	2	3.8	8	7	0	0	0	2.3	0.7	0.8	2.8
Pisa S. Giusto	PI	Toscana	2006	9.6	27	3	9.9	11	12	0	0	0	0.6	0.9	2.6	10.2
Grosseto	GR	Toscana	2007	5.5	22	2	1.3	7	7	0	0	0	1.6	0.3	2.7	7.1
Roma Ciampino	RM	Lazio	2008	8.6	23	4	2.1	10	9	0	0	0	0.8	1.6	3.8	9.4
Latina	LT	Lazio	2007	5.2	25	3	6.1	8	11	0	0	0	1.2	1.0	1.4	6.4
Frosinone	FR	Lazio	2007	9.4	16	2	4.9	12	9	0	0	0	1.9	1.3	3.0	11.3
Viterbo	VT	Lazio	2006	0.8	22	1	8.9	13	12	0	0	0	2.4	0.5	1.6	3.2
L'Aquila	AQ	Abruzzo	2007	7.3	25	3	8.0	5	12	0	0	0	1.5	1.8	0.5	8.8
Foggia Amendola	FG	Puglia	2007	5.6	11	2	8.6	13	9	0	0	0	1.4	1.6	2.3	7.0
Brindisi	BR	Puglia	2007	8.5	16	4	1.3	14	10	0	0	0	2.2	0.4	1.1	10.7
Lecce	LE	Puglia	2006	5.2	27	4	7.0	10	14	0	0	0	1.8	1.4	1.9	7.0
Catania Sigonella	CT	Sicilia	2007	0.9	17	3	4.4	9	6	0	0	0	1.7	0.2	3.0	2.6
Messina	ME	Sicilia	2007	1.4	8	3	7.3	6	10	0	0	0	2.0	1.6	0.8	3.4
Trapani Birgi	TP	Sicilia	2007	3.8	14	2	4.8	11	13	0	0	0	1.9	0.3	2.2	5.7
Olbia	OT	Sardegna	2006	7.2	8	1	6.7	12	13	0	0	0	0.6	0.8	3.5	7.8
Alghero	SS	Sardegna	2007	1.8	8	3	2.6	8	7	0	0	0	0.9	0.7	2.1	2.7
Crotone	KR	Calabria	2007	3.4	8	2	3.5	5	8	0	0	0	1.9	0.3	2.3	5.3
Lamezia Terme	CZ	Calabria	2008	8.6	22	2	1.1	14	13	0	0	0	1.9	0.4	1.1	10.5
Udine Rivolto	UD	Friuli V.G.	2007	4.0	25	3	7.6	11	8	0	0	0	2.3	1.0	3.9	6.3
Treviso	TV	Veneto	2006	2.5	7	3	7.0	8	14	0	0	0	0.7	1.7	3.6	3.2
Padova	PD	Veneto	2007	5.5	29	1	9.3	13	9	0	0	0	2.4	0.8	0.3	7.9
Mm Roma Tiburtina	RM	Lazio	2007	0.1	13	2	0.6	7	11	0	0	0	0.8	0.7	2.4	1.1
Pellizzano Magnoli	TN	Trentino A.A.	2007	4.1	28	3	5.2	9	12	0	0	0	2.1	0.5	1.1	7.3
Albaredo	SO	Lombardia	2007	7.4	10	1	8.0	6	14	0	0	0	1.7	1.6	3.2	9.7
Trento Laste	TN	Trentino A.A.	2008	2.2	25	4	2.7	10	11	0	0	0	2.5	0.4	3.3	4.6
Genova Centro Funz.	GE	Liguria	2007	1.2	7	1	1.9	8	7	0	0	0	1.2	1.8	0.2	3.1
Bolzano	BZ	Trentino A.A.	2005	9.6	23	2	1.5	5	9	0	0	0	0.6	1.8	1.1	10.2
Moggio Udinese	UD	Friuli V.G.	2007	5.0	26	3	5.0	10	5	0	0	0	1.0	0.9	1.3	6.0
Cavalese	TN	Trentino A.A.	2006	6.3	29	2	4.0	15	11	0	0	0	0.8	1.1	3.7	7.1
Firenze Peretola	FI	Toscana	2007	6.0	24	3	3.4	14	12	0	0	0	1.7	0.2	1.4	7.7
Bologna Urbana	BO	Emilia Romagna	2007	4.9	28	3	6.7	14	14	0	0	0	1.9	1.1	3.0	6.8
Pescara	PE	Abruzzo	2007	1.9	19	2	8.2	12	8	0	0	0	1.2	0.5	1.6	3.1
Torino Caselle	TO	Piemonte	2006	3.0	18	2	4.8	15	5	0	0	0	2.3	0.9	2.1	5.3
Milano Brera	MI	Lombardia	2008	8.4	17	3	2.4	13	5	0	0	0	1.9	0.9	3.2	10.3
Napoli Capodichino	NA	Campania	2007	8.7	15	3	5.6	8	12	0	0	0	0.7	0.5	2.2	9.4
Bari Palese	BA	Puglia	2007	4.1	22	2	5.0	13	10	0	0	0	1.2	0.5	1.1	5.3
Palermo Boccadifalco	PA	Sicilia	2007	9.8	28	1	9.9	11	7	0	0	0	1.5	1.6	1.6	11.3
Cagliari Elmas	CA	Sardegna	2006	6.1	24	1	9.7	15	9	0	0	0	0.6	0.4	1.0	6.7
Ancona Falconara	AN	Marche	2007	9.4	26	4	3.2	6	5	0	0	0	0.7	1.2	3.9	10.1
Perugia S. Egidio	PG	Umbria	2007	0.6	25	2	6.9	10	12	0	0	0	1.8	1.0	0.6	2.4
Potenza	PZ	Basilicata	2008	5.7	16	2	5.4	7	14	0	0	0	1.1	0.6	2.9	6.8
Campobasso	CB	Molise	2007	1.7	20	2	9.3	5	8	0	0	0	1.2	0.1	3.1	2.9
Reggio Calabria	RC	Calabria	2007	6.7	8	2	5.2	9	7	0	0	0	2.1	1.4	2.7	8.8
Aosta	AO	Valle d'Aosta	2006	6.4	20	2	1.7	14	10	0	0	0	1.8	0.7	3.7	8.2
Trieste	TS	Friuli V.G.	2007	2.3	27	1	5.6	15	12	0	0	0	2.1	0.3	3.6	4.4
Venezia Tessera	VE	Veneto	2007	9.8	13	4	3.8	9	11	0	0	0	2.3	0.5	2.2	12.1
Verona Villafranca	VR	Veneto	2007	5.4	18	3	7.3	7	8	0	0	0	0.6	1.9	0.4	6.0
Brescia Ghedi	BS	Lombardia	2006	7.4	26	1	3.7	10	10	0	0	0	0.7	1.9	1.0	8.1
Piacenza	PC	Emilia Romagna	2007	4.5	30	4	2.3	10	14	0	0	0	1.0	1.5	0.6	5.5
Parma	PR	Emilia Romagna	2007	6.9	29	2	1.0	15	7	0	0	0	0.9	0.9	0.6	7.8
Rimini	RN	Emilia Romagna	2007	0.5	21	2	3.8	8	7	0	0	0	2.3	0.7	0.8	2.8
Pisa S. Giusto	PI	Toscana	2006	9.6	27	3	9.9	11	12	0	0	0	0.6	0.9	2.6	10.2
Grosseto	GR	Toscana	2007	5.5	22	2	1.3	7	7	0	0	0	1.6	0.3	2.7	7.1
Roma Ciampino	RM	Lazio	2008	8.6	23	4	2.1	10	9	0	0	0	0.8	1.6	3.8	9.4
Latina	LT	Lazio	2007	5.2	25	3	6.1	8	11	0	0	0	1.2	1.0	1.4	6.4
Frosinone	FR	Lazio	2007	9.4	16	2	4.9	12	9	0	0	0	1.9	1.3	3.0	11.3
Viterbo	VT	Lazio	2006	0.8	22	1	8.9	13	12	0	0	0	2.4	0.5	1.6	3.2
L'Aquila	AQ	Abruzzo	2007	7.3	25	3	8.0	5	12	0	0	0	1.5	1.8	0.5	8.8
Foggia Amendola	FG	Puglia	2007	5.6	11	2	8.6	13	9	0	0	0	1.4	1.6	2.3	7.0
Brindisi	BR	Puglia	2007	8.5	16	4	1.3	14	10	0	0	0	2.2	0.4	1.1	10.7
Lecce	LE	Puglia	2006	5.2	27	4	7.0	10	14	0	0	0	1.8	1.4	1.9	7.0
Catania Sigonella	CT	Sicilia	2007	0.9	17	3	4.4	9	6	0	0	0	1.7	0.2	3.0	2.6
Messina	ME	Sicilia	2007	1.4	8	3	7.3	6	10	0	0	0	2.0	1.6	0.8	3.4
Trapani Birgi	TP	Sicilia	2007	3.8	14	2	4.8	11	13	0	0	0	1.9	0.3	2.2	5.7
Olbia	OT	Sardegna	2006	7.2	8	1	6.7	12	13	0	0	0	0.6	0.8	3.5	7.8
Alghero	SS	Sardegna	2007	1.8	8	3	2.6	8	7	0	0	0	0.9	0.7	2.1	2.7
Crotone	KR	Calabria	2007	3.4	8	2	3.5	5	8	0	0	0	1.9	0.3	2.3	5.3
Lamezia Terme	CZ	Calabria	2008	8.6	22	2	1.1	14	13	0	0	0	1.9	0.4	1.1	10.5
Udine Rivolto	UD	Friuli V.G.	2007	4.0	25	3	7.6	11	8	0	0	0	2.3	1.0	3.9	6.3
Treviso	TV	Veneto	2006	2.5	7	3	7.0	8	14	0	0	0	0.7	1.7	3.6	3.2
Padova	PD	Veneto	2007	5.5	29	1	9.3	13	9	0	0	0	2.4	0.8	0.3	7.9
Mm Roma Tiburtina	RM	Lazio	2007	0.1	13	2	0.6	7	11	0	0	0	0.8	0.7	2.4	1.1
Pellizzano Magnoli	TN	Trentino A.A.	2007	4.1	28	3	5.2	9	12	0	0	0	2.1	0.5	1.1	7.3
Albaredo	SO	Lombardia	2007	7.4	10	1	8.0	6	14	0	0	0	1.7	1.6	3.2	9.7
Trento Laste	TN	Trentino A.A.	2008	2.2	25	4	2.7	10	11	0	0	0	2.5	0.4	3.3	4.6
Genova Centro Funz.	GE	Liguria	2007	1.2	7	1	1.9	8	7	0	0	0	1.2	1.8	0.2	3.1
Bolzano	BZ	Trentino A.A.	2005	9.6	23	2	1.5	5	9	0	0	0	0.6	1.8	1.1	10.2
Moggio Udinese	UD	Friuli V.G.	2007	5.0	26	3	5.0	10	5	0	0	0	1.0	0.9	1.3	6.0
Cavalese	TN	Trentino A.A.	2006	6.3	29	2	4.0	15	11	0	0	0	0.8	1.1	3.7	7.1
Firenze Peretola	FI	Toscana	2007	6.0	24	3	3.4	14	12	0	0	0	1.7	0.2	1.4	7.7
Bologna Urbana	BO	Emilia Romagna	2007	4.9	28	3	6.7	14	14	0	0	0	1.9	1.1	3.0	6.8
Pescara	PE	Abruzzo	2007	1.9	19	2	8.2	12	8	0	0	0	1.2	0.5	1.6	3.1
Torino Caselle	TO	Piemonte	2006	3.0	18	2	4.8	15	5	0	0	0	2.3	0.9	2.1	5.3
Milano Brera	MI	Lombardia	2008	8.4	17	3	2.4	13	5	0	0	0	1.9	0.9	3.2	10.3
Napoli Capodichino	NA	Campania	2007	8.7	15	3	5.6	8	12	0	0	0	0.7	0.5	2.2	9.4
Bari Palese	BA	Puglia	2007	4.1	22	2	5.0	13	10	0	0	0	1.2	0.5	1.1	5.3
Palermo Boccadifalco	PA	Sicilia	2007	9.8	28	1	9.9	11	7	0	0	0	1.5	1.6	1.6	11.3
Cagliari Elmas	CA	Sardegna	2006	6.1	24	1	9.7	15	9	0	0	0	0.6	0.4	1.0	6.7
Ancona Falconara	AN	Marche	2007	9.4	26	4	3.2	6	5	0	0	0	0.7	1.2	3.9	10.1
Perugia S. Egidio	PG	Umbria	2007	0.6	25	2	6.9	10	12	0	0	0	1.8	1.0	0.6	2.4
Potenza	PZ	Basilicata	2008	5.7	16	2	5.4	7	14	0	0	0	1.1	0.6	2.9	6.8
Campobasso	CB	Molise	2007	1.7	20	2	9.3	5	8	0	0	0	1.2	0.1	3.1	2.9
Reggio Calabria	RC	Calabria	2007	6.7	8	2	5.2	9	7	0	0	0	2.1	1.4	2.7	8.8
Aosta	AO	Valle d'Aosta	2006	6.4	20	2	1.7	14	10	0	0	0	1.8	0.7	3.7	8.2
Trieste	TS	Friuli V.G.	2007	2.3	27	1	5.6	15	12	0	0	0	2.1	0.3	3.6	4.4
Venezia Tessera	VE	Veneto	2007	9.8	13	4	3.8	9	11	0	0	0	2.3	0.5	2.2	12.1
Verona Villafranca	VR	Veneto	2007	5.4	18	3	7.3	7	8	0	0	0	0.6	1.9	0.4	6.0
Brescia Ghedi	BS	Lombardia	2006	7.4	26	1	3.7	10	10	0	0	0	0.7	1.9	1.0	8.1
Piacenza	PC	Emilia Romagna	2007	4.5	30	4	2.3	10	14	0	0	0	1.0	1.5	0.6	5.5
Parma	PR	Emilia Romagna	2007	6.9	29	2	1.0	15	7	0	0	0	0.9	0.9	0.6	7.8
Rimini	RN	Emilia Romagna	2007	0.5	21	2	3.8	8	7	0	0	0	2.3	0.7	0.8	2.8
Pisa S. Giusto	PI	Toscana	2006	9.6	27	3	9.9	11	12	0	0	0	0.6	0.9	2.6	10.2
Grosseto	GR	Toscana	2007	5.5	22	2	1.3	7	7	0	0	0	1.6	0.3	2.7	7.1
Roma Ciampino	RM	Lazio	2008	8.6	23	4	2.1	10	9	0	0	0	0.8	1.6	3.8	9.4
Latina	LT	Lazio	2007	5.2	25	3	6.1	8	11	0	0	0	1.2	1.0	1.4	6.4
Frosinone	FR	Lazio	2007	9.4	16	2	4.9	12	9	0	0	0	1.9	1.3	3.0	11.3
Viterbo	VT	Lazio	2006	0.8	22	1	8.9	13	12	0	0	0	2.4	0.5	1.6	3.2
L'Aquila	AQ	Abruzzo	2007	7.3	25	3	8.0	5	12	0	0	0	1.5	1.8	0.5	8.8
Foggia Amendola	FG	Puglia	2007	5.6	11	2	8.6	13	9	0	0	0	1.4	1.6	2.3	7.0
Brindisi	BR	Puglia	2007	8.5	16	4	1.3	14	10	0	0	0	2.2	0.4	1.1	10.7
Lecce	LE	Puglia	2006	5.2	27	4	7.0	10	14	0	0	0	1.8	1.4	1.9	7.0
Catania Sigonella	CT	Sicilia	2007	0.9	17	3	4.4	9	6	0	0	0	1.7	0.2	3.0	2.6
Messina	ME	Sicilia	2007	1.4	8	3	7.3	6	10	0	0	0	2.0	1.6	0.8	3.4
Trapani Birgi	TP	Sicilia	2007	3.8	14	2	4.8	11	13	0	0	0	1.9	0.3	2.2	5.7
Olbia	OT	Sardegna	2006	7.2	8	1	6.7	12	13	0	0	0	0.6	0.8	3.5	7.8
Alghero	SS	Sardegna	2007	1.8	8	3	2.6	8	7	0	0	0	0.9	0.7	2.1	2.7
Crotone	KR	Calabria	2007	3.4	8	2	3.5	5	8	0	0	0	1.9	0.3	2.3	5.3
Lamezia Terme	CZ	Calabria	2008	8.6	22	2	1.1	14	13	0	0	0	1.9	0.4	1.1	10.5
Udine Rivolto	UD	Friuli V.G.	2007	4.0	25	3	7.6	11	8	0	0	0	2.3	1.0	3.9	6.3
Treviso	TV	Veneto	2006	2.5	7	3	7.0	8	14	0	0	0	0.7	1.7	3.6	3.2
Padova	PD	Veneto	2007	5.5	29	1	9.3	13	9	0	0	0	2.4	0.8	0.3	7.9
Mm Roma Tiburtina	RM	Lazio	2007	0.1	13	2	0.6	7	11	0	0	0	0.8	0.7	2.4	1.1
Pellizzano Magnoli	TN	Trentino A.A.	2007	4.1	28	3	5.2	9	12	0	0	0	2.1	0.5	1.1	7.3
Albaredo	SO	Lombardia	2007	7.4	10	1	8.0	6	14	0	0	0	1.7	1.6	3.2	9.7
Trento Laste	TN	Trentino A.A.	2008	2.2	25	4	2.7	10	11	0	0	0	2.5	0.4	3.3	4.6
Genova Centro Funz.	GE	Liguria	2007	1.2	7	1	1.9	8	7	0	0	0	1.2	1.8	0.2	3.1
Bolzano	BZ	Trentino A.A.	2005	9.6	23	2	1.5	5	9	0	0	0	0.6	1.8	1.1	10.2
Moggio Udinese	UD	Friuli V.G.	2007	5.0	26	3	5.0	10	5	0	0	0	1.0	0.9	1.3	6.0
Cavalese	TN	Trentino A.A.	2006	6.3	29	2	4.0	15	11	0	0	0	0.8	1.1	3.7	7.1
Firenze Peretola	FI	Toscana	2007	6.0	24	3	3.4	14	12	0	0	0	1.7	0.2	1.4	7.7
Bologna Urbana	BO	Emilia Romagna	2007	4.9	28	3	6.7	14	14	0	0	0	1.9	1.1	3.0	6.8
Pescara	PE	Abruzzo	2007	1.9	19	2	8.2	12	8	0	0	0	1.2	0.5	1.6	3.1
Torino Caselle	TO	Piemonte	2006	3.0	18	2	4.8	15	5	0	0	0	2.3	0.9	2.1	5.3
Milano Brera	MI	Lombardia	2008	8.4	17	3	2.4	13	5	0	0	0	1.9	0.9	3.2	10.3
Napoli Capodichino	NA	Campania	2007	8.7	15	3	5.6	8	12	0	0	0	0.7	0.5	2.2	9.4
Bari Palese	BA	Puglia	2007	4.1	22	2	5.0	13	10	0	0	0	1.2	0.5	1.1	5.3
Palermo Boccadifalco	PA	Sicilia	2007	9.8	28	1	9.9	11	7	0	0	0	1.5	1.6	1.6	11.3
Cagliari Elmas	CA	Sardegna	2006	6.1	24	1	9.7	15	9	0	0	0	0.6	0.4	1.0	6.7
Ancona Falconara	AN	Marche	2007	9.4	26	4	3.2	6	5	0	0	0	0.7	1.2	3.9	10.1
Perugia S. Egidio	PG	Umbria	2007	0.6	25	2	6.9	10	12	0	0	0	1.8	1.0	0.6	2.4
Potenza	PZ	Basilicata	2008	5.7	16	2	5.4	7	14	0	0	0	1.1	0.6	2.9	6.8
Campobasso	CB	Molise	2007	1.7	20	2	9.3	5	8	0	0	0	1.2	0.1	3.1	2.9
Reggio Calabria	RC	Calabria	2007	6.7	8	2	5.2	9	7	0	0	0	2.1	1.4	2.7	8.8
Aosta	AO	Valle d'Aosta	2006	6.4	20	2	1.7	14	10	0	0	0	1.8	0.7	3.7	8.2
Trieste	TS	Friuli V.G.	2007	2.3	27	1	5.6	15	12	0	0	0	2.1	0.3	3.6	4.4
Venezia Tessera	VE	Veneto	2007	9.8	13	4	3.8	9	11	0	0	0	2.3	0.5	2.2	12.1
Verona Villafranca	VR	Veneto	2007	5.4	18	3	7.3	7	8	0	0	0	0.6	1.9	0.4	6.0
Brescia Ghedi	BS	Lombardia	2006	7.4	26	1	3.7	10	10	0	0	0	0.7	1.9	1.0	8.1
Piacenza	PC	Emilia Romagna	2007	4.5	30	4	2.3	10	14	0	0	0	1.0	1.5	0.6	5.5
Parma	PR	Emilia Romagna	2007	6.9	29	2	1.0	15	7	0	0	0	0.9	0.9	0.6	7.8
Rimini	RN	Emilia Romagna	2007	0.5	21	2	3.8	8	7	0	0	0	2.3	0.7	0.8	2.8
Pisa S. Giusto	PI	Toscana	2006	9.6	27	3	9.9	11	12	0	0	0	0.6	0.9	2.6	10.2
Grosseto	GR	Toscana	2007	5.5	22	2	1.3	7	7	0	0	0	1.6	0.3	2.7	7.1
Roma Ciampino	RM	Lazio	2008	8.6	23	4	2.1	10	9	0	0	0	0.8	1.6	3.8	9.4
Latina	LT	Lazio	2007	5.2	25	3	6.1	8	11	0	0	0	1.2	1.0	1.4	6.4
Frosinone	FR	Lazio	2007	9.4	16	2	4.9	12	9	0	0	0	1.9	1.3	3.0	11.3
Viterbo	VT	Lazio	2006	0.8	22	1	8.9	13	12	0	0	0	2.4	0.5	1.6	3.2
L'Aquila	AQ	Abruzzo	2007	7.3	25	3	8.0	5	12	0	0	0	1.5	1.8	0.5	8.8
Foggia Amendola	FG	Puglia	2007	5.6	11	2	8.6	13	9	0	0	0	1.4	1.6	2.3	7.0
Brindisi	BR	Puglia	2007	8.5	16	4	1.3	14	10	0	0	0	2.2	0.4	1.1	10.7
Lecce	LE	Puglia	2006	5.2	27	4	7.0	10	14	0	0	0	1.8	1.4	1.9	7.0
Catania Sigonella	CT	Sicilia	2007	0.9	17	3	4.4	9	6	0	0	0	1.7	0.2	3.0	2.6
Messina	ME	Sicilia	2007	1.4	8	3	7.3	6	10	0	0	0	2.0	1.6	0.8	3.4
Trapani Birgi	TP	Sicilia	2007	3.8	14	2	4.8	11	13	0	0	0	1.9	0.3	2.2	5.7
